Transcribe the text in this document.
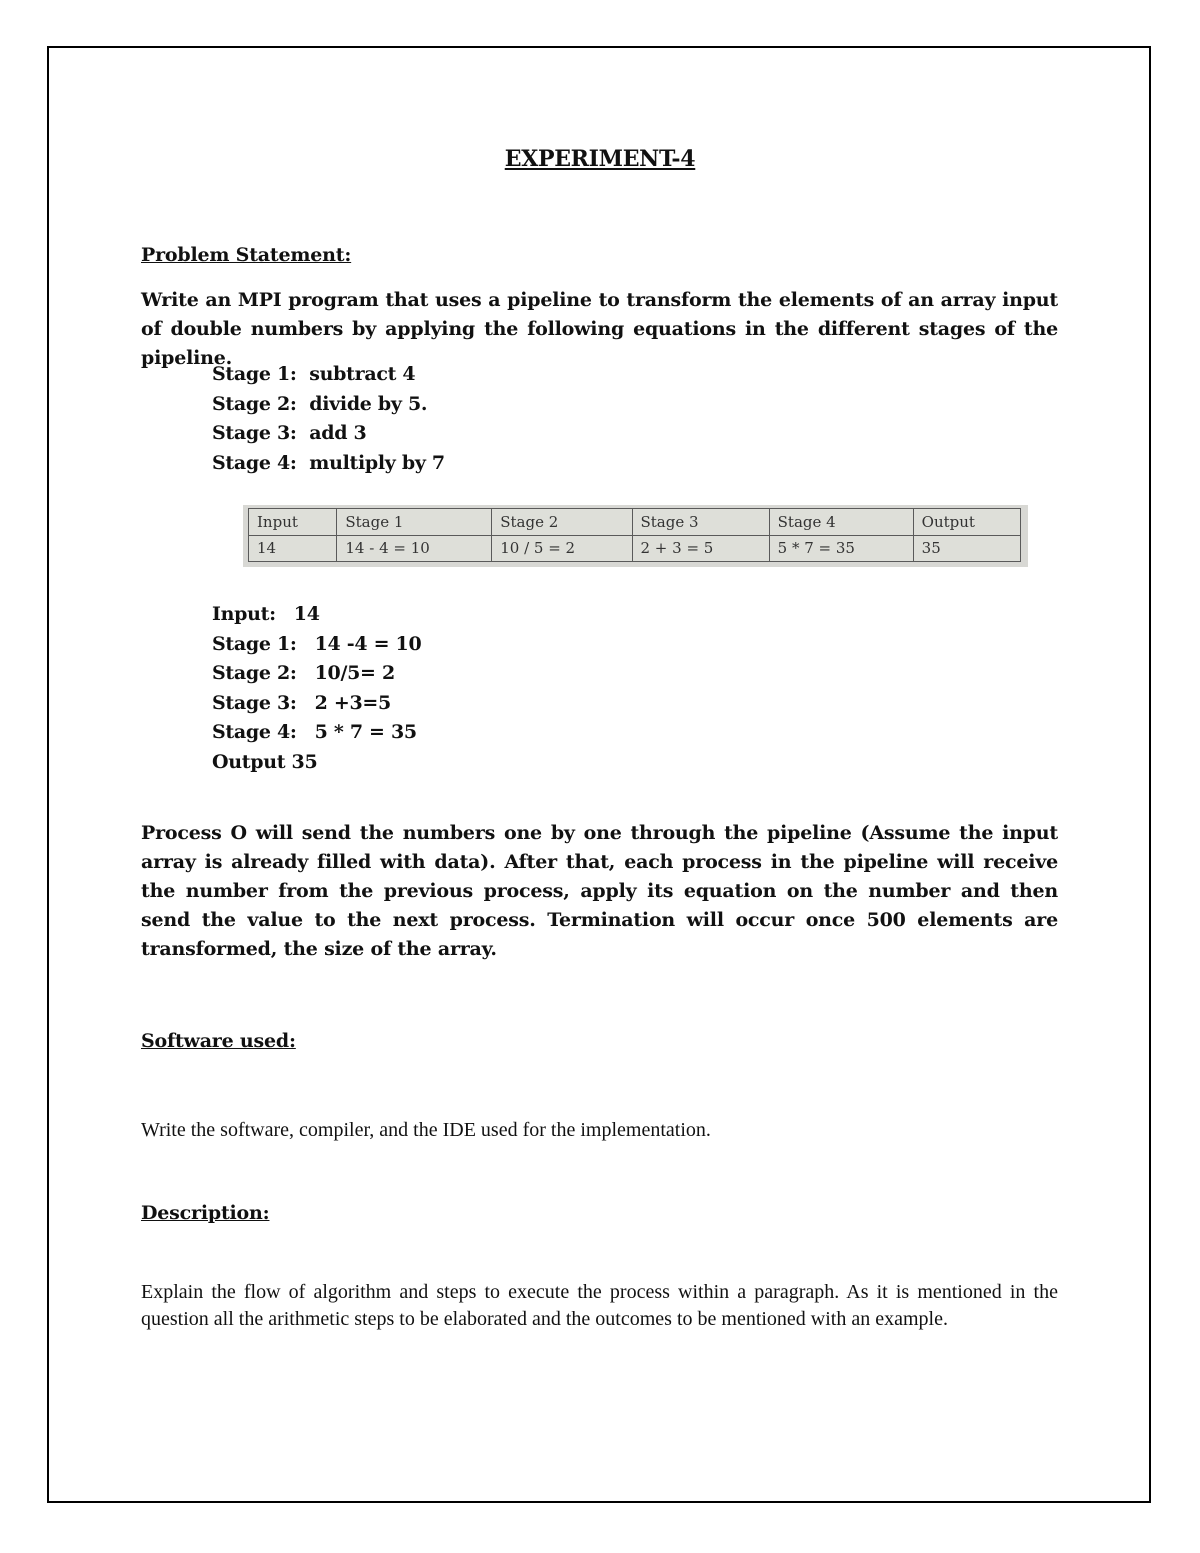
EXPERIMENT-4
Problem Statement:
Write an MPI program that uses a pipeline to transform the elements of an array input of double numbers by applying the following equations in the different stages of the pipeline.
Stage 1:  subtract 4
Stage 2:  divide by 5.
Stage 3:  add 3
Stage 4:  multiply by 7
Input	Stage 1	Stage 2	Stage 3	Stage 4	Output
14	14 - 4 = 10	10 / 5 = 2	2 + 3 = 5	5 * 7 = 35	35
Input: 14
Stage 1: 14 -4 = 10
Stage 2: 10/5= 2
Stage 3: 2 +3=5
Stage 4: 5 * 7 = 35
Output 35
Process O will send the numbers one by one through the pipeline (Assume the input array is already filled with data). After that, each process in the pipeline will receive the number from the previous process, apply its equation on the number and then send the value to the next process. Termination will occur once 500 elements are transformed, the size of the array.
Software used:
Write the software, compiler, and the IDE used for the implementation.
Description:
Explain the flow of algorithm and steps to execute the process within a paragraph. As it is mentioned in the question all the arithmetic steps to be elaborated and the outcomes to be mentioned with an example.
